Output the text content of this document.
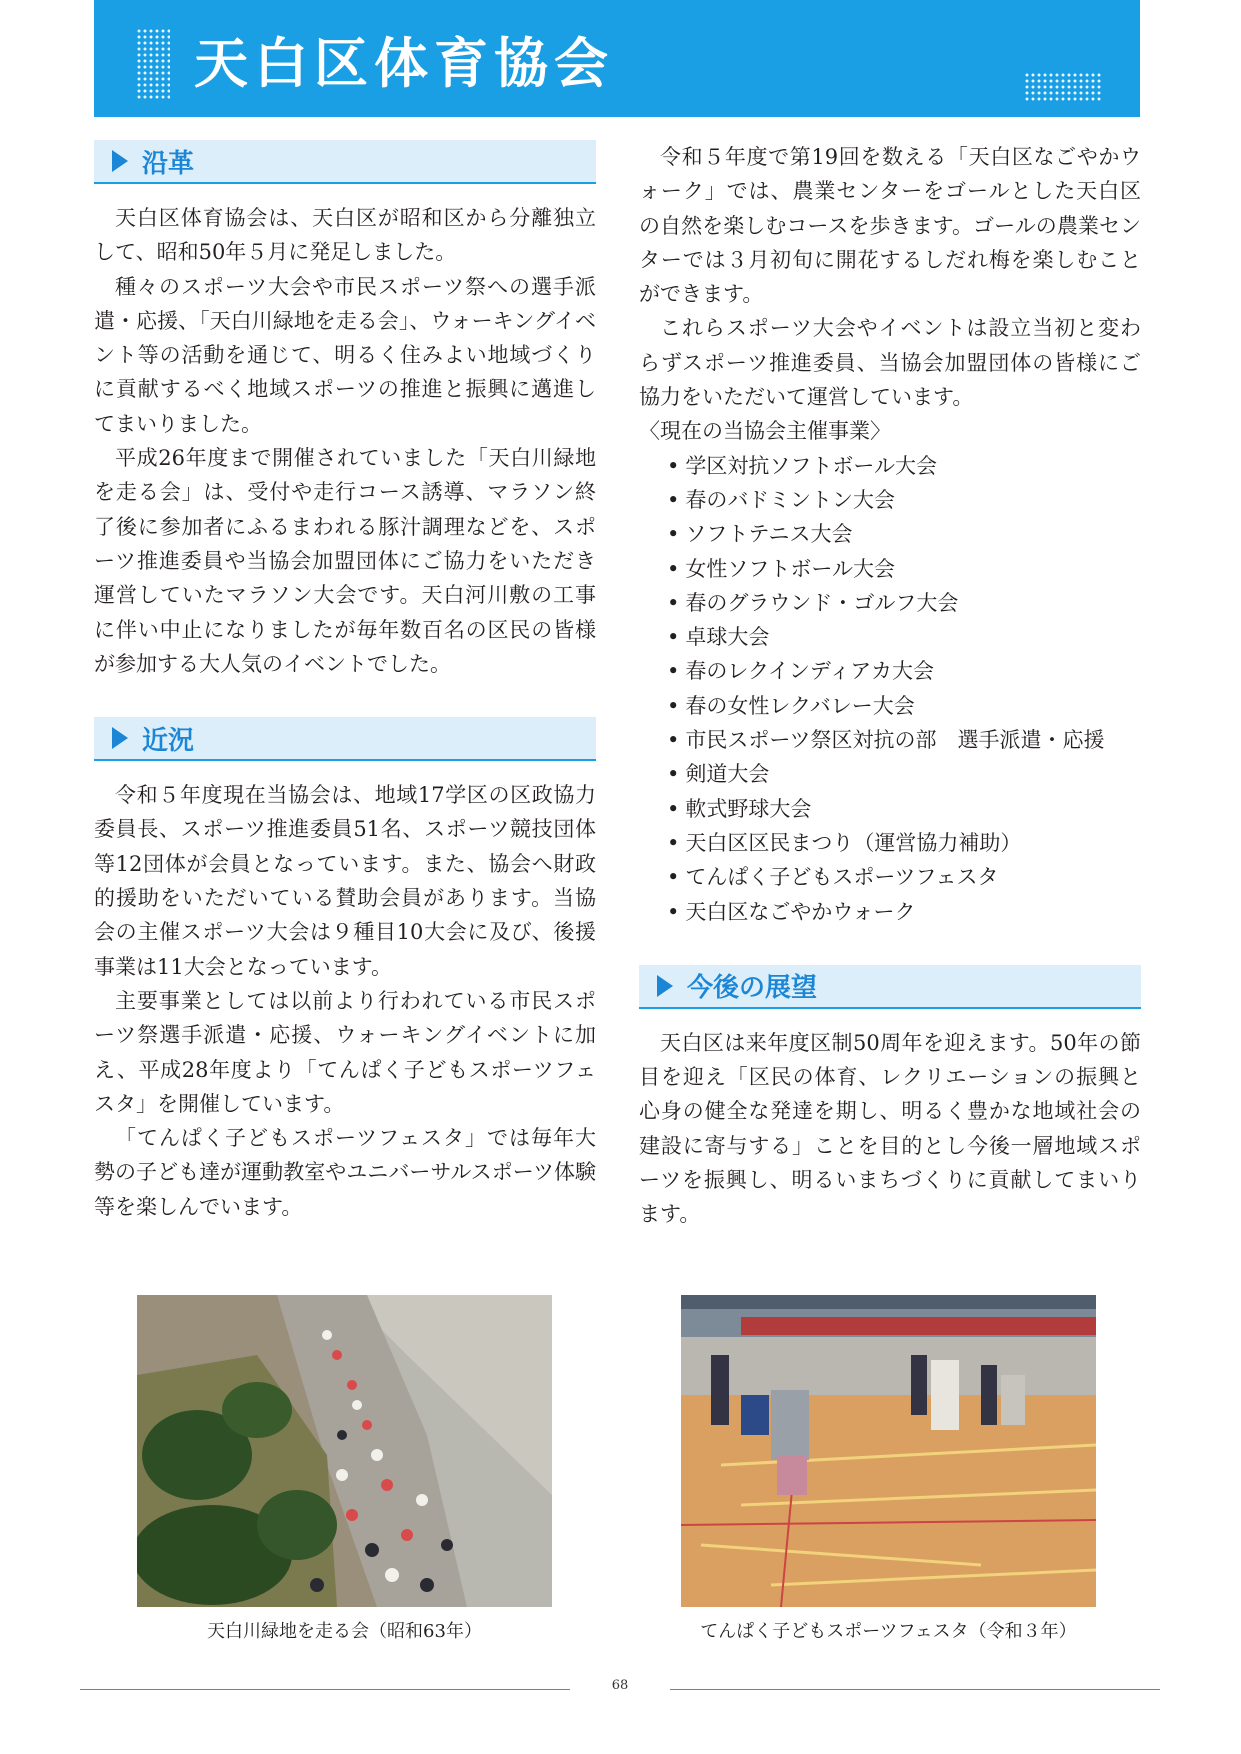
天白区体育協会
沿革

天白区体育協会は、天白区が昭和区から分離独立して、昭和50年５月に発足しました。

種々のスポーツ大会や市民スポーツ祭への選手派遣・応援、「天白川緑地を走る会」、ウォーキングイベント等の活動を通じて、明るく住みよい地域づくりに貢献するべく地域スポーツの推進と振興に邁進してまいりました。

平成26年度まで開催されていました「天白川緑地を走る会」は、受付や走行コース誘導、マラソン終了後に参加者にふるまわれる豚汁調理などを、スポーツ推進委員や当協会加盟団体にご協力をいただき運営していたマラソン大会です。天白河川敷の工事に伴い中止になりましたが毎年数百名の区民の皆様が参加する大人気のイベントでした。

近況

令和５年度現在当協会は、地域17学区の区政協力委員長、スポーツ推進委員51名、スポーツ競技団体等12団体が会員となっています。また、協会へ財政的援助をいただいている賛助会員があります。当協会の主催スポーツ大会は９種目10大会に及び、後援事業は11大会となっています。

主要事業としては以前より行われている市民スポーツ祭選手派遣・応援、ウォーキングイベントに加え、平成28年度より「てんぱく子どもスポーツフェスタ」を開催しています。

「てんぱく子どもスポーツフェスタ」では毎年大勢の子ども達が運動教室やユニバーサルスポーツ体験等を楽しんでいます。

令和５年度で第19回を数える「天白区なごやかウォーク」では、農業センターをゴールとした天白区の自然を楽しむコースを歩きます。ゴールの農業センターでは３月初旬に開花するしだれ梅を楽しむことができます。

これらスポーツ大会やイベントは設立当初と変わらずスポーツ推進委員、当協会加盟団体の皆様にご協力をいただいて運営しています。

〈現在の当協会主催事業〉

• 学区対抗ソフトボール大会
• 春のバドミントン大会
• ソフトテニス大会
• 女性ソフトボール大会
• 春のグラウンド・ゴルフ大会
• 卓球大会
• 春のレクインディアカ大会
• 春の女性レクバレー大会
• 市民スポーツ祭区対抗の部　選手派遣・応援
• 剣道大会
• 軟式野球大会
• 天白区区民まつり（運営協力補助）
• てんぱく子どもスポーツフェスタ
• 天白区なごやかウォーク
今後の展望

天白区は来年度区制50周年を迎えます。50年の節目を迎え「区民の体育、レクリエーションの振興と心身の健全な発達を期し、明るく豊かな地域社会の建設に寄与する」ことを目的とし今後一層地域スポーツを振興し、明るいまちづくりに貢献してまいります。

天白川緑地を走る会（昭和63年）	てんぱく子どもスポーツフェスタ（令和３年）
68
